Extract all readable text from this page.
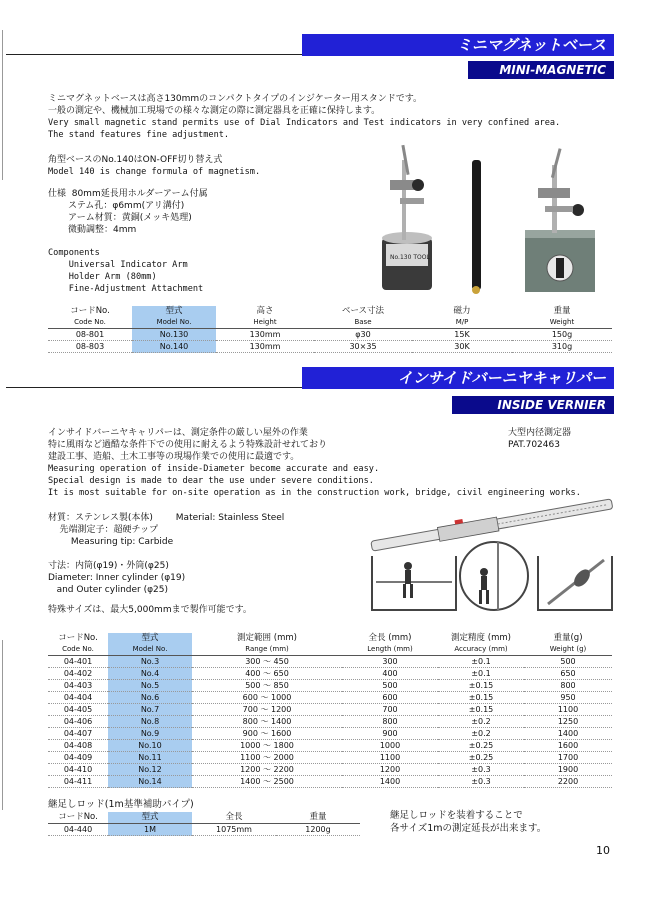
ミニマグネットベース
MINI-MAGNETIC STANDS
ミニマグネットベースは高さ130mmのコンパクトタイプのインジケーター用スタンドです。
一般の測定や、機械加工現場での様々な測定の際に測定器具を正確に保持します。
Very small magnetic stand permits use of Dial Indicators and Test indicators in very confined area.
The stand features fine adjustment.
角型ベースのNo.140はON-OFF切り替え式
Model 140 is change formula of magnetism.
仕様  80mm延長用ホルダーアーム付属
ステム孔：φ6mm(アリ溝付)
アーム材質：黄銅(メッキ処理)
微動調整：4mm
Components
Universal Indicator Arm
Holder Arm (80mm)
Fine-Adjustment Attachment
No.130 TOOL
コードNo.	型式	高さ	ベース寸法	磁力	重量
Code No.	Model No.	Height	Base	M/P	Weight
08-801	No.130	130mm	φ30	15K	150g
08-803	No.140	130mm	30×35	30K	310g
インサイドバーニヤキャリパー
INSIDE VERNIER CALIPER
インサイドバーニヤキャリパーは、測定条件の厳しい屋外の作業
特に風雨など過酷な条件下での使用に耐えるよう特殊設計せれており
建設工事、造船、土木工事等の現場作業での使用に最適です。
Measuring operation of inside-Diameter become accurate and easy.
Special design is made to dear the use under severe conditions.
It is most suitable for on-site operation as in the construction work, bridge, civil engineering works.
大型内径測定器
PAT.702463
材質：ステンレス製(本体)        Material: Stainless Steel
先端測定子：超硬チップ
Measuring tip: Carbide
寸法：内筒(φ19)・外筒(φ25)
Diameter: Inner cylinder (φ19)
and Outer cylinder (φ25)
特殊サイズは、最大5,000mmまで製作可能です。
コードNo.	型式	測定範囲 (mm)	全長 (mm)	測定精度 (mm)	重量(g)
Code No.	Model No.	Range (mm)	Length (mm)	Accuracy (mm)	Weight (g)
04-401	No.3	300 ～ 450	300	±0.1	500
04-402	No.4	400 ～ 650	400	±0.1	650
04-403	No.5	500 ～ 850	500	±0.15	800
04-404	No.6	600 ～ 1000	600	±0.15	950
04-405	No.7	700 ～ 1200	700	±0.15	1100
04-406	No.8	800 ～ 1400	800	±0.2	1250
04-407	No.9	900 ～ 1600	900	±0.2	1400
04-408	No.10	1000 ～ 1800	1000	±0.25	1600
04-409	No.11	1100 ～ 2000	1100	±0.25	1700
04-410	No.12	1200 ～ 2200	1200	±0.3	1900
04-411	No.14	1400 ～ 2500	1400	±0.3	2200
継足しロッド(1m基準補助パイプ)
コードNo.	型式	全長	重量
04-440	1M	1075mm	1200g
継足しロッドを装着することで
各サイズ1mの測定延長が出来ます。
10
